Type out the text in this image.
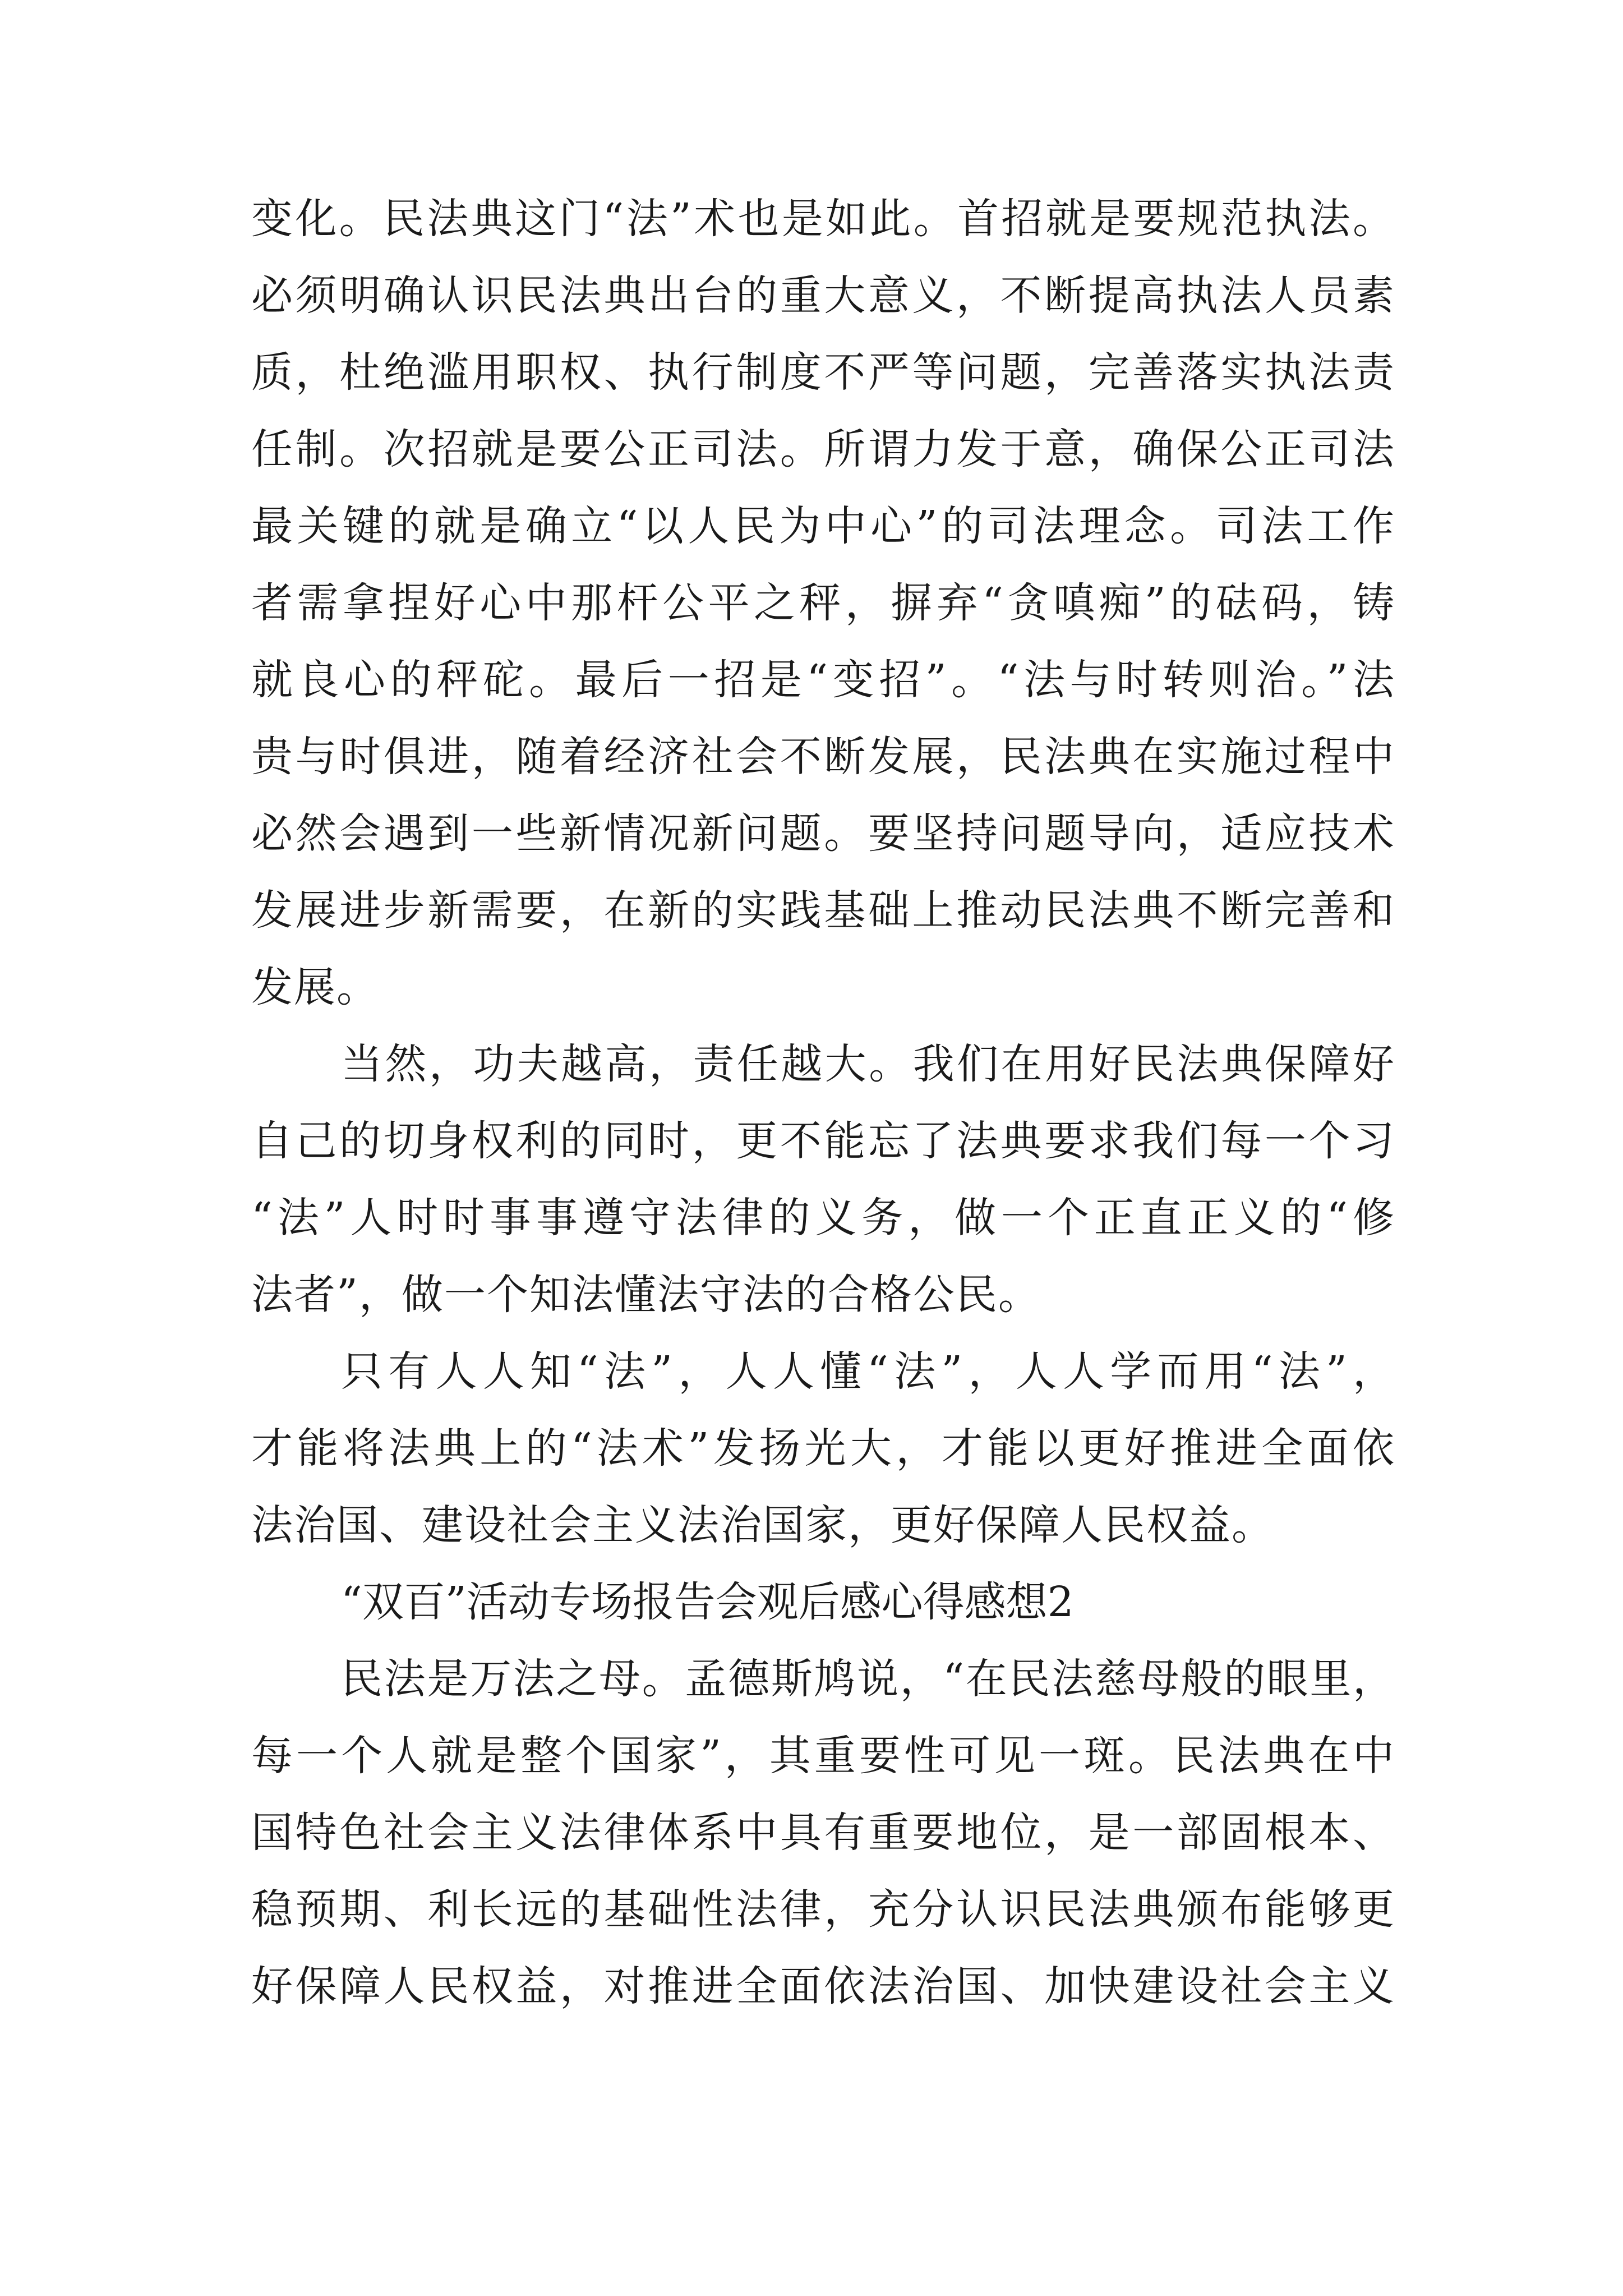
变化。民法典这门“法”术也是如此。首招就是要规范执法。
必须明确认识民法典出台的重大意义，不断提高执法人员素
质，杜绝滥用职权、执行制度不严等问题，完善落实执法责
任制。次招就是要公正司法。所谓力发于意，确保公正司法
最关键的就是确立“以人民为中心”的司法理念。司法工作
者需拿捏好心中那杆公平之秤，摒弃“贪嗔痴”的砝码，铸
就良心的秤砣。最后一招是“变招”。“法与时转则治。”法
贵与时俱进，随着经济社会不断发展，民法典在实施过程中
必然会遇到一些新情况新问题。要坚持问题导向，适应技术
发展进步新需要，在新的实践基础上推动民法典不断完善和
发展。
当然，功夫越高，责任越大。我们在用好民法典保障好
自己的切身权利的同时，更不能忘了法典要求我们每一个习
“法”人时时事事遵守法律的义务，做一个正直正义的“修
法者”，做一个知法懂法守法的合格公民。
只有人人知“法”，人人懂“法”，人人学而用“法”，
才能将法典上的“法术”发扬光大，才能以更好推进全面依
法治国、建设社会主义法治国家，更好保障人民权益。
“双百”活动专场报告会观后感心得感想2
民法是万法之母。孟德斯鸠说，“在民法慈母般的眼里，
每一个人就是整个国家”，其重要性可见一斑。民法典在中
国特色社会主义法律体系中具有重要地位，是一部固根本、
稳预期、利长远的基础性法律，充分认识民法典颁布能够更
好保障人民权益，对推进全面依法治国、加快建设社会主义
